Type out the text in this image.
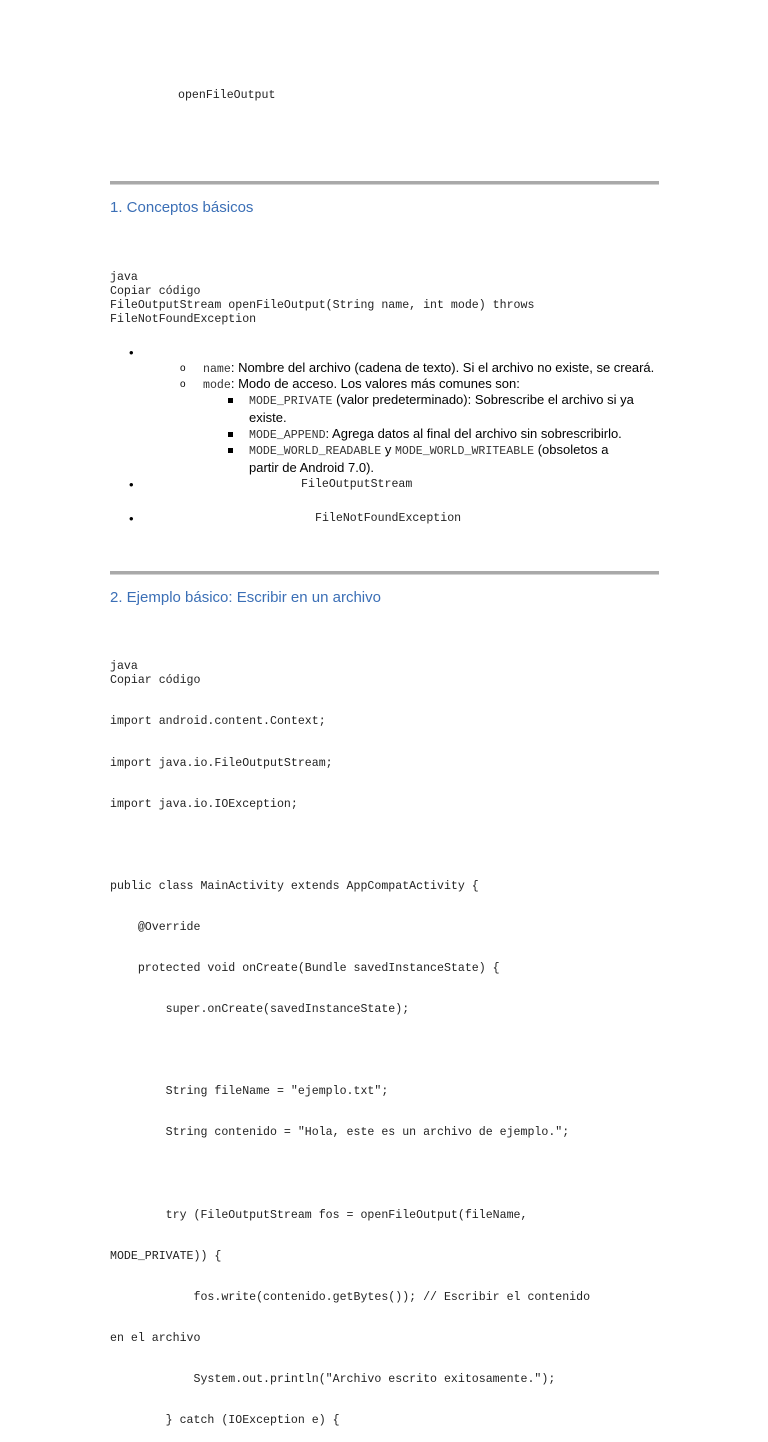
openFileOutput
1. Conceptos básicos
java
Copiar código
FileOutputStream openFileOutput(String name, int mode) throws
FileNotFoundException
•
o name: Nombre del archivo (cadena de texto). Si el archivo no existe, se creará.
o mode: Modo de acceso. Los valores más comunes son:
MODE_PRIVATE (valor predeterminado): Sobrescribe el archivo si ya
existe.
MODE_APPEND: Agrega datos al final del archivo sin sobrescribirlo.
MODE_WORLD_READABLE y MODE_WORLD_WRITEABLE (obsoletos a
partir de Android 7.0).
•	FileOutputStream
•	FileNotFoundException
2. Ejemplo básico: Escribir en un archivo
java
Copiar código

import android.content.Context;

import java.io.FileOutputStream;

import java.io.IOException;

public class MainActivity extends AppCompatActivity {

@Override

protected void onCreate(Bundle savedInstanceState) {

super.onCreate(savedInstanceState);

String fileName = "ejemplo.txt";

String contenido = "Hola, este es un archivo de ejemplo.";

try (FileOutputStream fos = openFileOutput(fileName,

MODE_PRIVATE)) {

fos.write(contenido.getBytes()); // Escribir el contenido

en el archivo

System.out.println("Archivo escrito exitosamente.");

} catch (IOException e) {
